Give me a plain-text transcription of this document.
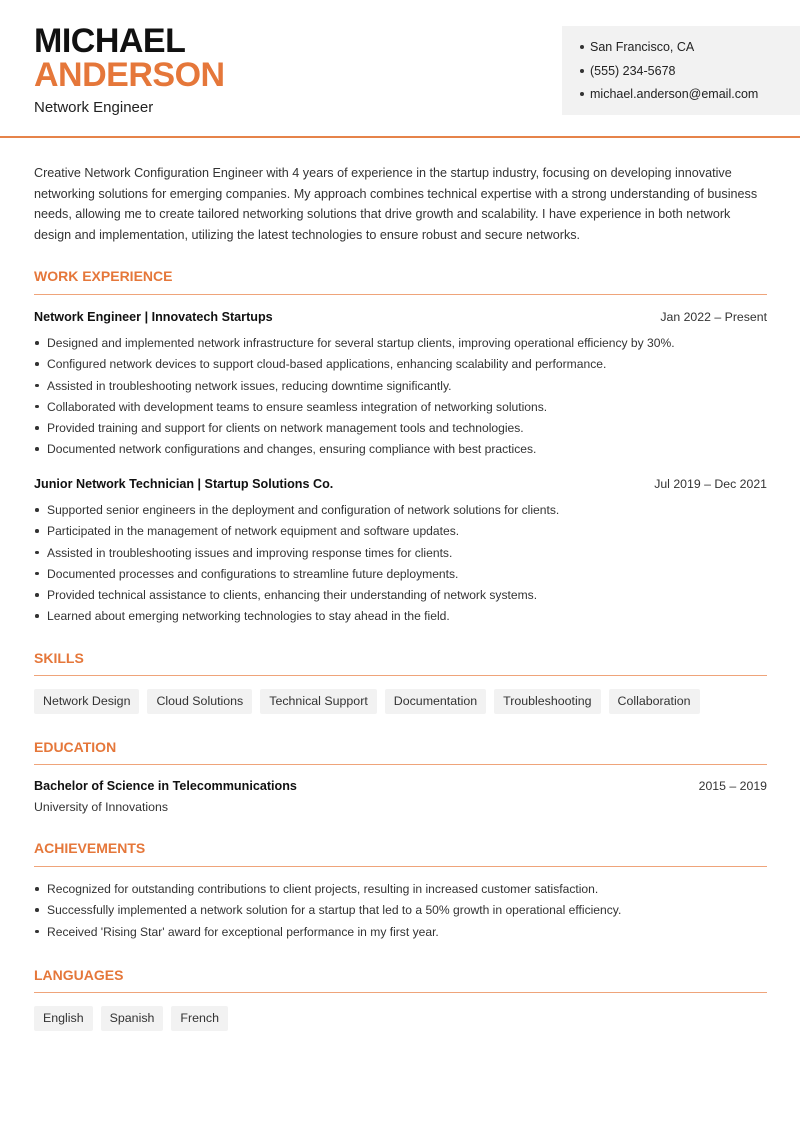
MICHAEL
ANDERSON
Network Engineer
San Francisco, CA
(555) 234-5678
michael.anderson@email.com
Creative Network Configuration Engineer with 4 years of experience in the startup industry, focusing on developing innovative networking solutions for emerging companies. My approach combines technical expertise with a strong understanding of business needs, allowing me to create tailored networking solutions that drive growth and scalability. I have experience in both network design and implementation, utilizing the latest technologies to ensure robust and secure networks.
WORK EXPERIENCE
Network Engineer | Innovatech Startups	Jan 2022 – Present
Designed and implemented network infrastructure for several startup clients, improving operational efficiency by 30%.
Configured network devices to support cloud-based applications, enhancing scalability and performance.
Assisted in troubleshooting network issues, reducing downtime significantly.
Collaborated with development teams to ensure seamless integration of networking solutions.
Provided training and support for clients on network management tools and technologies.
Documented network configurations and changes, ensuring compliance with best practices.
Junior Network Technician | Startup Solutions Co.	Jul 2019 – Dec 2021
Supported senior engineers in the deployment and configuration of network solutions for clients.
Participated in the management of network equipment and software updates.
Assisted in troubleshooting issues and improving response times for clients.
Documented processes and configurations to streamline future deployments.
Provided technical assistance to clients, enhancing their understanding of network systems.
Learned about emerging networking technologies to stay ahead in the field.
SKILLS
Network Design	Cloud Solutions	Technical Support	Documentation	Troubleshooting	Collaboration
EDUCATION
Bachelor of Science in Telecommunications	2015 – 2019
University of Innovations
ACHIEVEMENTS
Recognized for outstanding contributions to client projects, resulting in increased customer satisfaction.
Successfully implemented a network solution for a startup that led to a 50% growth in operational efficiency.
Received 'Rising Star' award for exceptional performance in my first year.
LANGUAGES
English	Spanish	French
